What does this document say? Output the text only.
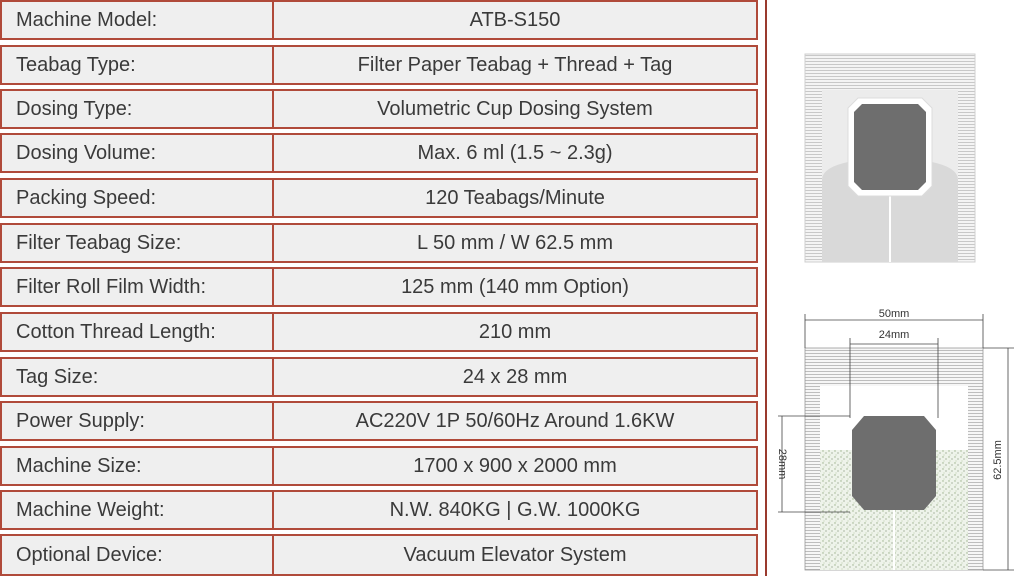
Machine Model:	ATB-S150
Teabag Type:	Filter Paper Teabag + Thread + Tag
Dosing Type:	Volumetric Cup Dosing System
Dosing Volume:	Max. 6 ml (1.5 ~ 2.3g)
Packing Speed:	120 Teabags/Minute
Filter Teabag Size:	L 50 mm / W 62.5 mm
Filter Roll Film Width:	125 mm (140 mm Option)
Cotton Thread Length:	210 mm
Tag Size:	24 x 28 mm
Power Supply:	AC220V 1P 50/60Hz Around 1.6KW
Machine Size:	1700 x 900 x 2000 mm
Machine Weight:	N.W. 840KG | G.W. 1000KG
Optional Device:	Vacuum Elevator System
50mm
24mm
28mm	62.5mm
